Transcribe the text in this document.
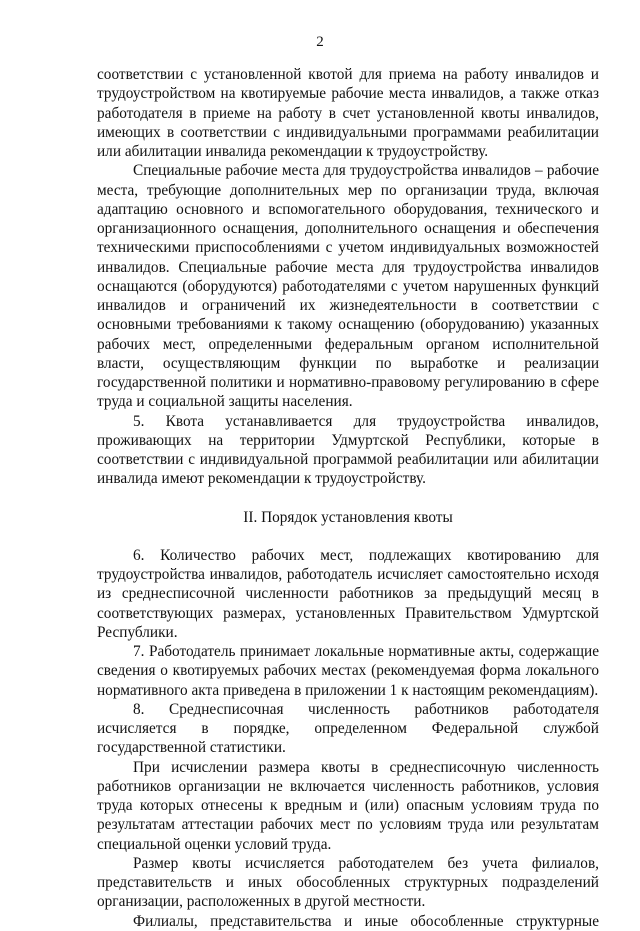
2

соответствии с установленной квотой для приема на работу инвалидов и трудоустройством на квотируемые рабочие места инвалидов, а также отказ работодателя в приеме на работу в счет установленной квоты инвалидов, имеющих в соответствии с индивидуальными программами реабилитации или абилитации инвалида рекомендации к трудоустройству.

Специальные рабочие места для трудоустройства инвалидов – рабочие места, требующие дополнительных мер по организации труда, включая адаптацию основного и вспомогательного оборудования, технического и организационного оснащения, дополнительного оснащения и обеспечения техническими приспособлениями с учетом индивидуальных возможностей инвалидов. Специальные рабочие места для трудоустройства инвалидов оснащаются (оборудуются) работодателями с учетом нарушенных функций инвалидов и ограничений их жизнедеятельности в соответствии с основными требованиями к такому оснащению (оборудованию) указанных рабочих мест, определенными федеральным органом исполнительной власти, осуществляющим функции по выработке и реализации государственной политики и нормативно-правовому регулированию в сфере труда и социальной защиты населения.

5. Квота устанавливается для трудоустройства инвалидов, проживающих на территории Удмуртской Республики, которые в соответствии с индивидуальной программой реабилитации или абилитации инвалида имеют рекомендации к трудоустройству.

II. Порядок установления квоты

6. Количество рабочих мест, подлежащих квотированию для трудоустройства инвалидов, работодатель исчисляет самостоятельно исходя из среднесписочной численности работников за предыдущий месяц в соответствующих размерах, установленных Правительством Удмуртской Республики.

7. Работодатель принимает локальные нормативные акты, содержащие сведения о квотируемых рабочих местах (рекомендуемая форма локального нормативного акта приведена в приложении 1 к настоящим рекомендациям).

8. Среднесписочная численность работников работодателя исчисляется в порядке, определенном Федеральной службой государственной статистики.

При исчислении размера квоты в среднесписочную численность работников организации не включается численность работников, условия труда которых отнесены к вредным и (или) опасным условиям труда по результатам аттестации рабочих мест по условиям труда или результатам специальной оценки условий труда.

Размер квоты исчисляется работодателем без учета филиалов, представительств и иных обособленных структурных подразделений организации, расположенных в другой местности.

Филиалы, представительства и иные обособленные структурные
